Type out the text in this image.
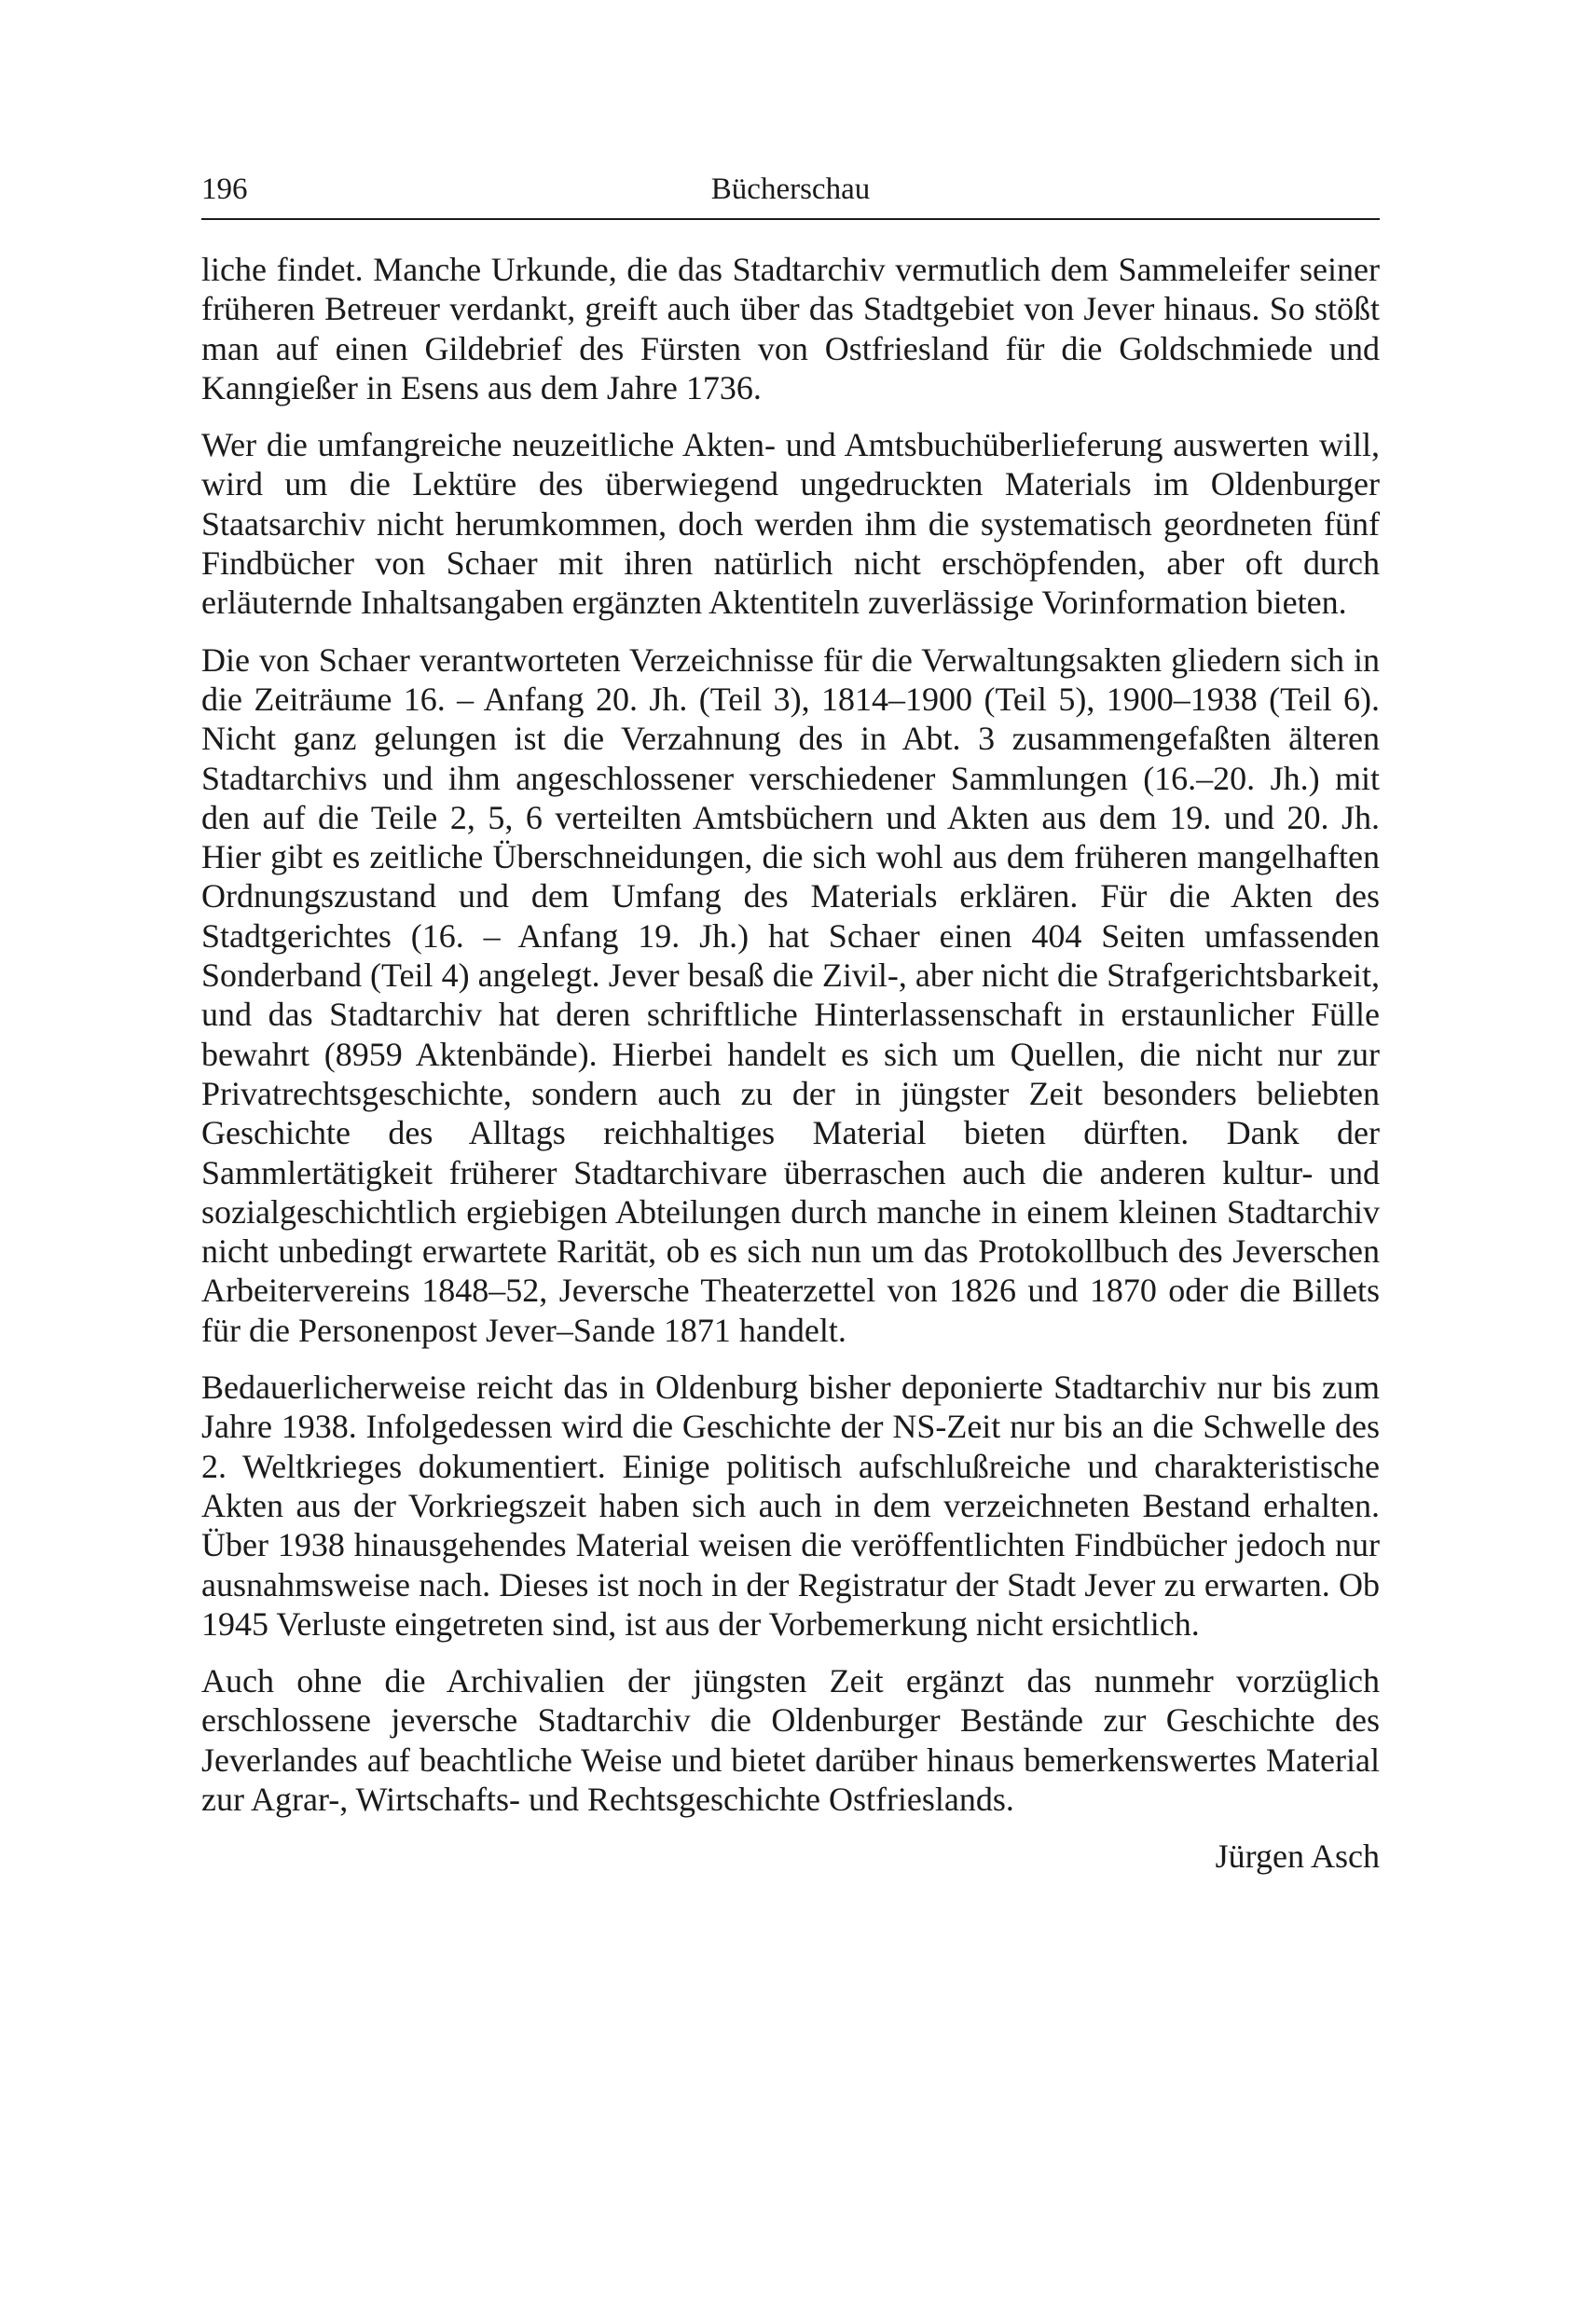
196	Bücherschau

liche findet. Manche Urkunde, die das Stadtarchiv vermutlich dem Sammeleifer seiner früheren Betreuer verdankt, greift auch über das Stadtgebiet von Jever hinaus. So stößt man auf einen Gildebrief des Fürsten von Ostfriesland für die Goldschmiede und Kanngießer in Esens aus dem Jahre 1736.

Wer die umfangreiche neuzeitliche Akten- und Amtsbuchüberlieferung auswerten will, wird um die Lektüre des überwiegend ungedruckten Materials im Oldenburger Staatsarchiv nicht herumkommen, doch werden ihm die systematisch geordneten fünf Findbücher von Schaer mit ihren natürlich nicht erschöpfenden, aber oft durch erläuternde Inhaltsangaben ergänzten Aktentiteln zuverlässige Vorinformation bieten.

Die von Schaer verantworteten Verzeichnisse für die Verwaltungsakten gliedern sich in die Zeiträume 16. – Anfang 20. Jh. (Teil 3), 1814–1900 (Teil 5), 1900–1938 (Teil 6). Nicht ganz gelungen ist die Verzahnung des in Abt. 3 zusammengefaßten älteren Stadtarchivs und ihm angeschlossener verschiedener Sammlungen (16.–20. Jh.) mit den auf die Teile 2, 5, 6 verteilten Amtsbüchern und Akten aus dem 19. und 20. Jh. Hier gibt es zeitliche Überschneidungen, die sich wohl aus dem früheren mangelhaften Ordnungszustand und dem Umfang des Materials erklären. Für die Akten des Stadtgerichtes (16. – Anfang 19. Jh.) hat Schaer einen 404 Seiten umfassenden Sonderband (Teil 4) angelegt. Jever besaß die Zivil-, aber nicht die Strafgerichtsbarkeit, und das Stadtarchiv hat deren schriftliche Hinterlassenschaft in erstaunlicher Fülle bewahrt (8959 Aktenbände). Hierbei handelt es sich um Quellen, die nicht nur zur Privatrechtsgeschichte, sondern auch zu der in jüngster Zeit besonders beliebten Geschichte des Alltags reichhaltiges Material bieten dürften. Dank der Sammlertätigkeit früherer Stadtarchivare überraschen auch die anderen kultur- und sozialgeschichtlich ergiebigen Abteilungen durch manche in einem kleinen Stadtarchiv nicht unbedingt erwartete Rarität, ob es sich nun um das Protokollbuch des Jeverschen Arbeitervereins 1848–52, Jeversche Theaterzettel von 1826 und 1870 oder die Billets für die Personenpost Jever–Sande 1871 handelt.

Bedauerlicherweise reicht das in Oldenburg bisher deponierte Stadtarchiv nur bis zum Jahre 1938. Infolgedessen wird die Geschichte der NS-Zeit nur bis an die Schwelle des 2. Weltkrieges dokumentiert. Einige politisch aufschlußreiche und charakteristische Akten aus der Vorkriegszeit haben sich auch in dem verzeichneten Bestand erhalten. Über 1938 hinausgehendes Material weisen die veröffentlichten Findbücher jedoch nur ausnahmsweise nach. Dieses ist noch in der Registratur der Stadt Jever zu erwarten. Ob 1945 Verluste eingetreten sind, ist aus der Vorbemerkung nicht ersichtlich.

Auch ohne die Archivalien der jüngsten Zeit ergänzt das nunmehr vorzüglich erschlossene jeversche Stadtarchiv die Oldenburger Bestände zur Geschichte des Jeverlandes auf beachtliche Weise und bietet darüber hinaus bemerkenswertes Material zur Agrar-, Wirtschafts- und Rechtsgeschichte Ostfrieslands.

Jürgen Asch
